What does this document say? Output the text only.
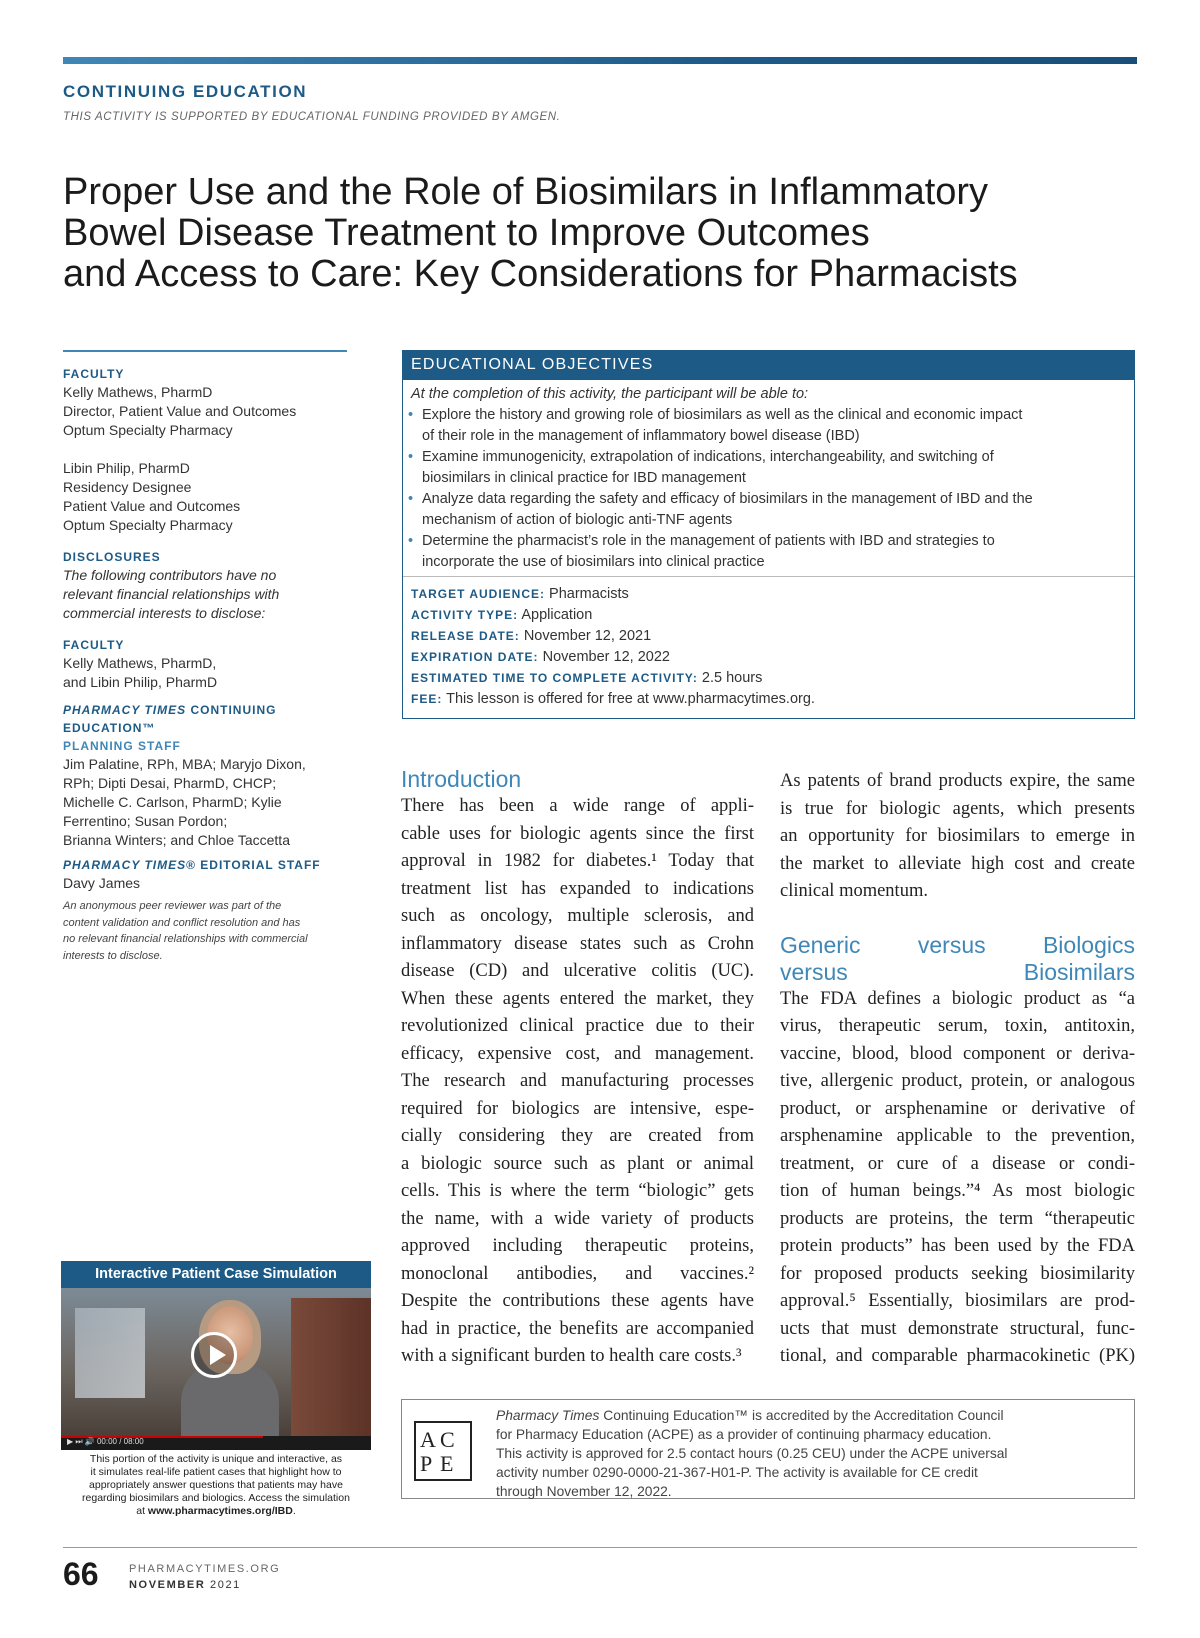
CONTINUING EDUCATION
THIS ACTIVITY IS SUPPORTED BY EDUCATIONAL FUNDING PROVIDED BY AMGEN.
Proper Use and the Role of Biosimilars in Inflammatory
Bowel Disease Treatment to Improve Outcomes
and Access to Care: Key Considerations for Pharmacists
FACULTY
Kelly Mathews, PharmD
Director, Patient Value and Outcomes
Optum Specialty Pharmacy
Libin Philip, PharmD
Residency Designee
Patient Value and Outcomes
Optum Specialty Pharmacy
DISCLOSURES
The following contributors have no
relevant financial relationships with
commercial interests to disclose:
FACULTY
Kelly Mathews, PharmD,
and Libin Philip, PharmD
PHARMACY TIMES CONTINUING
EDUCATION™
PLANNING STAFF
Jim Palatine, RPh, MBA; Maryjo Dixon,
RPh; Dipti Desai, PharmD, CHCP;
Michelle C. Carlson, PharmD; Kylie
Ferrentino; Susan Pordon;
Brianna Winters; and Chloe Taccetta
PHARMACY TIMES® EDITORIAL STAFF
Davy James
An anonymous peer reviewer was part of the
content validation and conflict resolution and has
no relevant financial relationships with commercial
interests to disclose.
EDUCATIONAL OBJECTIVES
At the completion of this activity, the participant will be able to:
• Explore the history and growing role of biosimilars as well as the clinical and economic impact
of their role in the management of inflammatory bowel disease (IBD)
• Examine immunogenicity, extrapolation of indications, interchangeability, and switching of
biosimilars in clinical practice for IBD management
• Analyze data regarding the safety and efficacy of biosimilars in the management of IBD and the
mechanism of action of biologic anti-TNF agents
• Determine the pharmacist’s role in the management of patients with IBD and strategies to
incorporate the use of biosimilars into clinical practice
TARGET AUDIENCE: Pharmacists
ACTIVITY TYPE: Application
RELEASE DATE: November 12, 2021
EXPIRATION DATE: November 12, 2022
ESTIMATED TIME TO COMPLETE ACTIVITY: 2.5 hours
FEE: This lesson is offered for free at www.pharmacytimes.org.
Introduction
There has been a wide range of appli-
cable uses for biologic agents since the first
approval in 1982 for diabetes.¹ Today that
treatment list has expanded to indications
such as oncology, multiple sclerosis, and
inflammatory disease states such as Crohn
disease (CD) and ulcerative colitis (UC).
When these agents entered the market, they
revolutionized clinical practice due to their
efficacy, expensive cost, and management.
The research and manufacturing processes
required for biologics are intensive, espe-
cially considering they are created from
a biologic source such as plant or animal
cells. This is where the term “biologic” gets
the name, with a wide variety of products
approved including therapeutic proteins,
monoclonal antibodies, and vaccines.²
Despite the contributions these agents have
had in practice, the benefits are accompanied
with a significant burden to health care costs.³
As patents of brand products expire, the same
is true for biologic agents, which presents
an opportunity for biosimilars to emerge in
the market to alleviate high cost and create
clinical momentum.
Generic versus Biologics
versus Biosimilars
The FDA defines a biologic product as “a
virus, therapeutic serum, toxin, antitoxin,
vaccine, blood, blood component or deriva-
tive, allergenic product, protein, or analogous
product, or arsphenamine or derivative of
arsphenamine applicable to the prevention,
treatment, or cure of a disease or condi-
tion of human beings.”⁴ As most biologic
products are proteins, the term “therapeutic
protein products” has been used by the FDA
for proposed products seeking biosimilarity
approval.⁵ Essentially, biosimilars are prod-
ucts that must demonstrate structural, func-
tional, and comparable pharmacokinetic (PK)
Interactive Patient Case Simulation
▶ ⏭ 🔊 00:00 / 08:00
This portion of the activity is unique and interactive, as
it simulates real-life patient cases that highlight how to
appropriately answer questions that patients may have
regarding biosimilars and biologics. Access the simulation
at www.pharmacytimes.org/IBD.
A C
P E
Pharmacy Times Continuing Education™ is accredited by the Accreditation Council
for Pharmacy Education (ACPE) as a provider of continuing pharmacy education.
This activity is approved for 2.5 contact hours (0.25 CEU) under the ACPE universal
activity number 0290-0000-21-367-H01-P. The activity is available for CE credit
through November 12, 2022.
66	PHARMACYTIMES.ORG
NOVEMBER 2021
